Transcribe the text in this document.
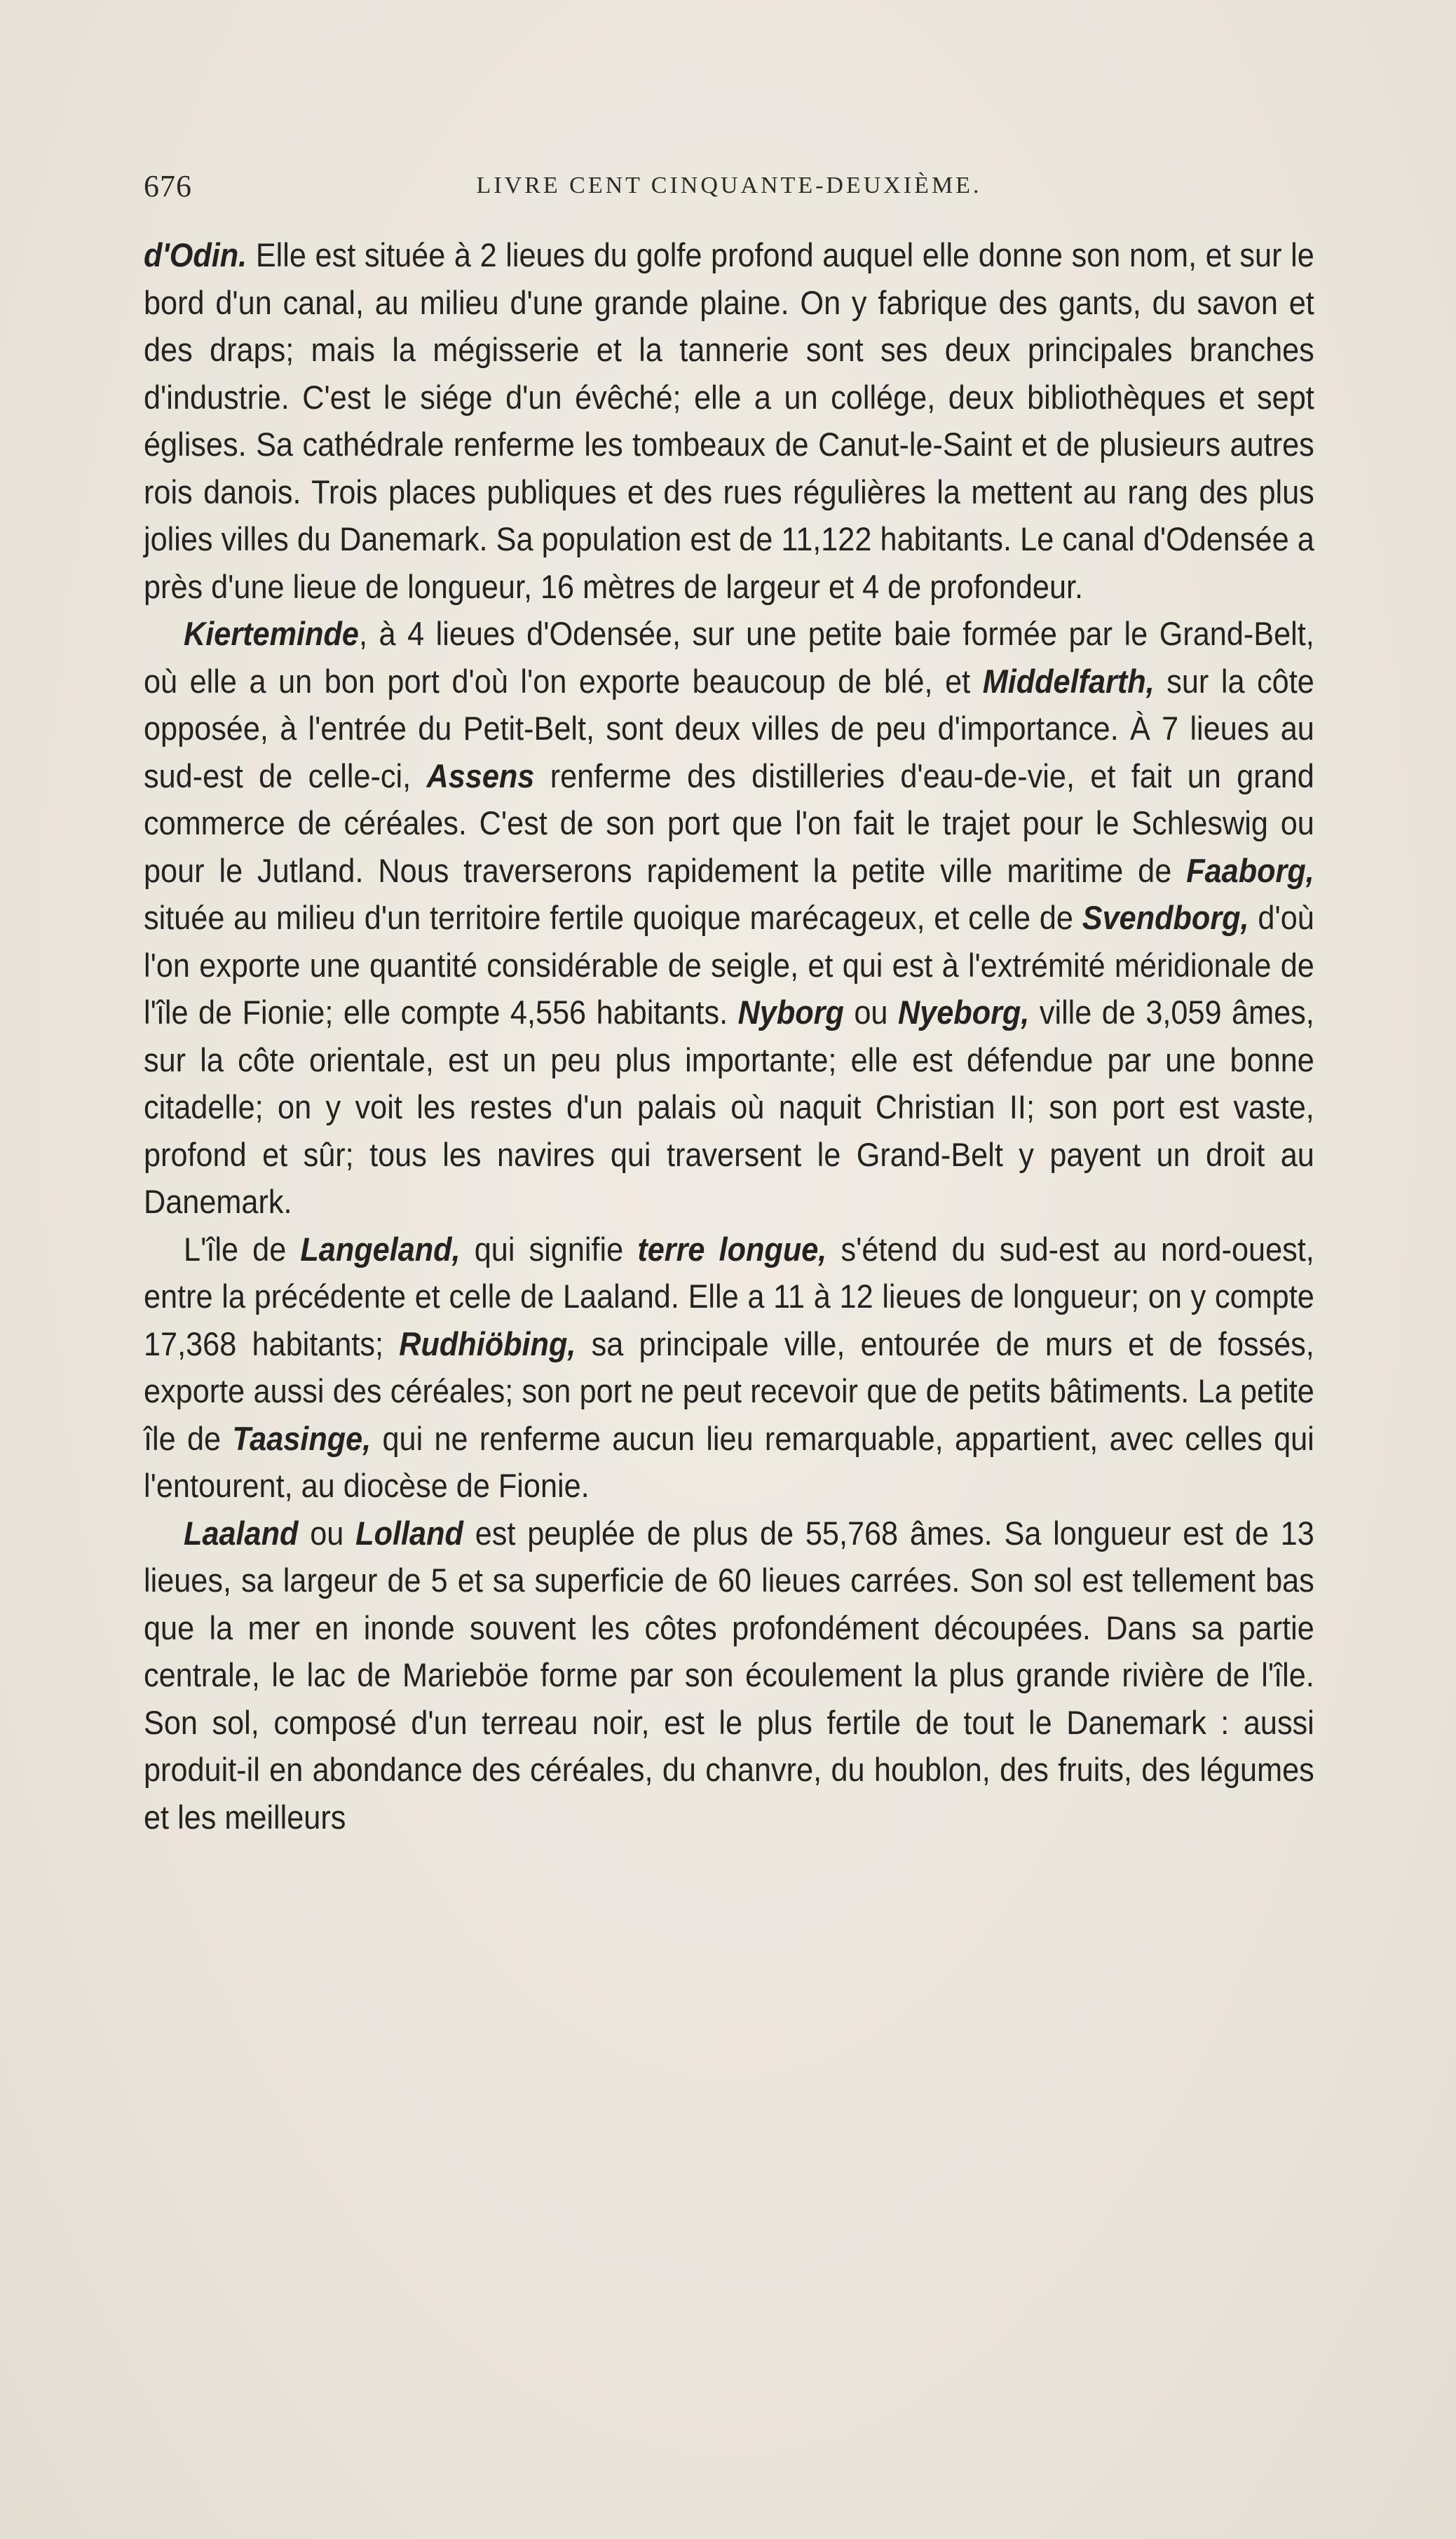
676	LIVRE CENT CINQUANTE-DEUXIÈME.

d'Odin. Elle est située à 2 lieues du golfe profond auquel elle donne son nom, et sur le bord d'un canal, au milieu d'une grande plaine. On y fabrique des gants, du savon et des draps; mais la mégisserie et la tannerie sont ses deux principales branches d'industrie. C'est le siége d'un évêché; elle a un collége, deux bibliothèques et sept églises. Sa cathédrale renferme les tombeaux de Canut-le-Saint et de plusieurs autres rois danois. Trois places publiques et des rues régulières la mettent au rang des plus jolies villes du Danemark. Sa population est de 11,122 habitants. Le canal d'Odensée a près d'une lieue de longueur, 16 mètres de largeur et 4 de profondeur.

Kierteminde, à 4 lieues d'Odensée, sur une petite baie formée par le Grand-Belt, où elle a un bon port d'où l'on exporte beaucoup de blé, et Middelfarth, sur la côte opposée, à l'entrée du Petit-Belt, sont deux villes de peu d'importance. À 7 lieues au sud-est de celle-ci, Assens renferme des distilleries d'eau-de-vie, et fait un grand commerce de céréales. C'est de son port que l'on fait le trajet pour le Schleswig ou pour le Jutland. Nous traverserons rapidement la petite ville maritime de Faaborg, située au milieu d'un territoire fertile quoique marécageux, et celle de Svendborg, d'où l'on exporte une quantité considérable de seigle, et qui est à l'extrémité méridionale de l'île de Fionie; elle compte 4,556 habitants. Nyborg ou Nyeborg, ville de 3,059 âmes, sur la côte orientale, est un peu plus importante; elle est défendue par une bonne citadelle; on y voit les restes d'un palais où naquit Christian II; son port est vaste, profond et sûr; tous les navires qui traversent le Grand-Belt y payent un droit au Danemark.

L'île de Langeland, qui signifie terre longue, s'étend du sud-est au nord-ouest, entre la précédente et celle de Laaland. Elle a 11 à 12 lieues de longueur; on y compte 17,368 habitants; Rudhiöbing, sa principale ville, entourée de murs et de fossés, exporte aussi des céréales; son port ne peut recevoir que de petits bâtiments. La petite île de Taasinge, qui ne renferme aucun lieu remarquable, appartient, avec celles qui l'entourent, au diocèse de Fionie.

Laaland ou Lolland est peuplée de plus de 55,768 âmes. Sa longueur est de 13 lieues, sa largeur de 5 et sa superficie de 60 lieues carrées. Son sol est tellement bas que la mer en inonde souvent les côtes profondément découpées. Dans sa partie centrale, le lac de Marieböe forme par son écoulement la plus grande rivière de l'île. Son sol, composé d'un terreau noir, est le plus fertile de tout le Danemark : aussi produit-il en abondance des céréales, du chanvre, du houblon, des fruits, des légumes et les meilleurs
